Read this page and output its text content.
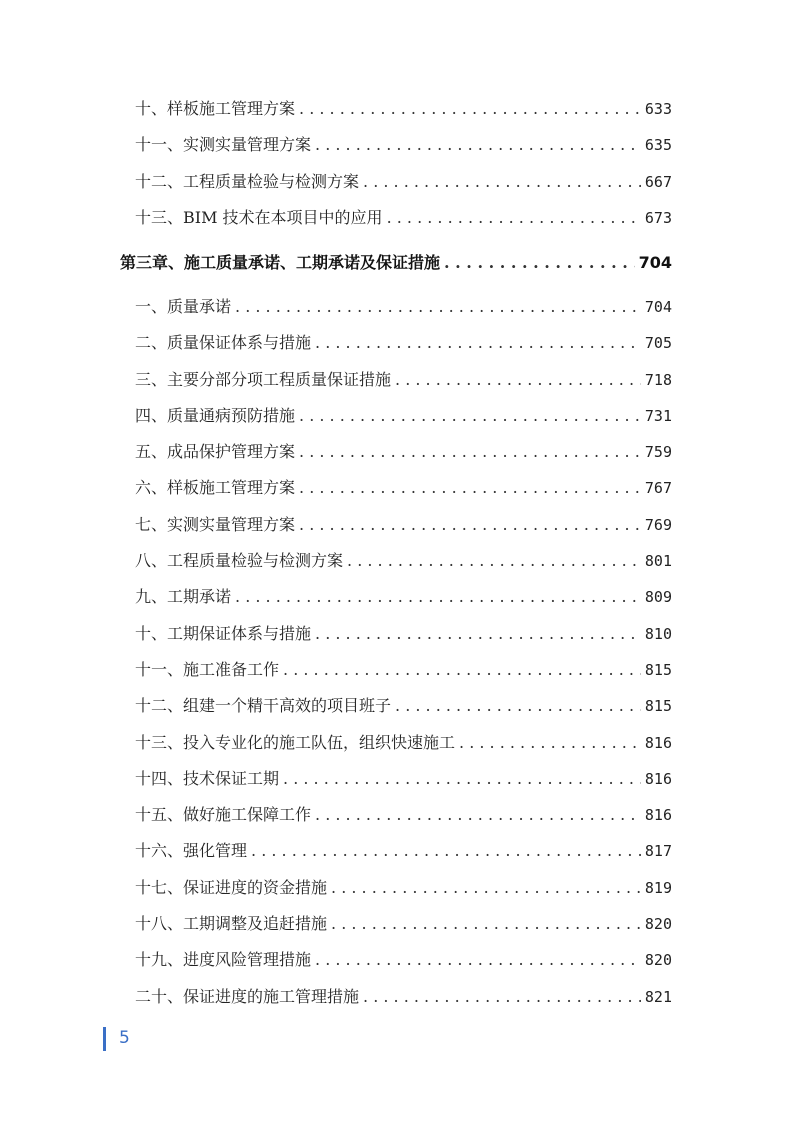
十、样板施工管理方案 . . .	633
十一、实测实量管理方案 . . .	635
十二、工程质量检验与检测方案 . . .	667
十三、BIM 技术在本项目中的应用 . . .	673
第三章、施工质量承诺、工期承诺及保证措施 . . .	704
一、质量承诺 . . .	704
二、质量保证体系与措施 . . .	705
三、主要分部分项工程质量保证措施 . . .	718
四、质量通病预防措施 . . .	731
五、成品保护管理方案 . . .	759
六、样板施工管理方案 . . .	767
七、实测实量管理方案 . . .	769
八、工程质量检验与检测方案 . . .	801
九、工期承诺 . . .	809
十、工期保证体系与措施 . . .	810
十一、施工准备工作 . . .	815
十二、组建一个精干高效的项目班子 . . .	815
十三、投入专业化的施工队伍，组织快速施工 . . .	816
十四、技术保证工期 . . .	816
十五、做好施工保障工作 . . .	816
十六、强化管理 . . .	817
十七、保证进度的资金措施 . . .	819
十八、工期调整及追赶措施 . . .	820
十九、进度风险管理措施 . . .	820
二十、保证进度的施工管理措施 . . .	821
5
